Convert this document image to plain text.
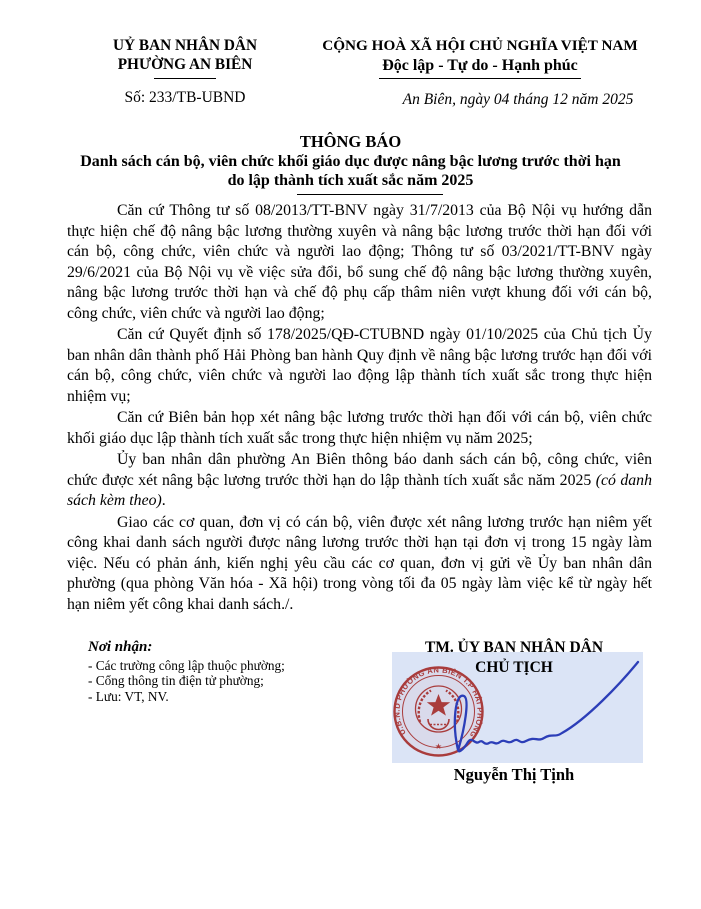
UỶ BAN NHÂN DÂN
PHƯỜNG AN BIÊN
Số: 233/TB-UBND
CỘNG HOÀ XÃ HỘI CHỦ NGHĨA VIỆT NAM
Độc lập - Tự do - Hạnh phúc
An Biên, ngày 04 tháng 12 năm 2025
THÔNG BÁO
Danh sách cán bộ, viên chức khối giáo dục được nâng bậc lương trước thời hạn
do lập thành tích xuất sắc năm 2025

Căn cứ Thông tư số 08/2013/TT-BNV ngày 31/7/2013 của Bộ Nội vụ hướng dẫn thực hiện chế độ nâng bậc lương thường xuyên và nâng bậc lương trước thời hạn đối với cán bộ, công chức, viên chức và người lao động; Thông tư số 03/2021/TT-BNV ngày 29/6/2021 của Bộ Nội vụ về việc sửa đổi, bổ sung chế độ nâng bậc lương thường xuyên, nâng bậc lương trước thời hạn và chế độ phụ cấp thâm niên vượt khung đối với cán bộ, công chức, viên chức và người lao động;

Căn cứ Quyết định số 178/2025/QĐ-CTUBND ngày 01/10/2025 của Chủ tịch Ủy ban nhân dân thành phố Hải Phòng ban hành Quy định về nâng bậc lương trước hạn đối với cán bộ, công chức, viên chức và người lao động lập thành tích xuất sắc trong thực hiện nhiệm vụ;

Căn cứ Biên bản họp xét nâng bậc lương trước thời hạn đối với cán bộ, viên chức khối giáo dục lập thành tích xuất sắc trong thực hiện nhiệm vụ năm 2025;

Ủy ban nhân dân phường An Biên thông báo danh sách cán bộ, công chức, viên chức được xét nâng bậc lương trước thời hạn do lập thành tích xuất sắc năm 2025 (có danh sách kèm theo).

Giao các cơ quan, đơn vị có cán bộ, viên được xét nâng lương trước hạn niêm yết công khai danh sách người được nâng lương trước thời hạn tại đơn vị trong 15 ngày làm việc. Nếu có phản ánh, kiến nghị yêu cầu các cơ quan, đơn vị gửi về Ủy ban nhân dân phường (qua phòng Văn hóa - Xã hội) trong vòng tối đa 05 ngày làm việc kể từ ngày hết hạn niêm yết công khai danh sách./.

Nơi nhận:
- Các trường công lập thuộc phường;
- Cổng thông tin điện tử phường;
- Lưu: VT, NV.
U.B.N.D PHƯỜNG AN BIÊN T.P HẢI PHÒNG
★
TM. ỦY BAN NHÂN DÂN
CHỦ TỊCH
Nguyễn Thị Tịnh
